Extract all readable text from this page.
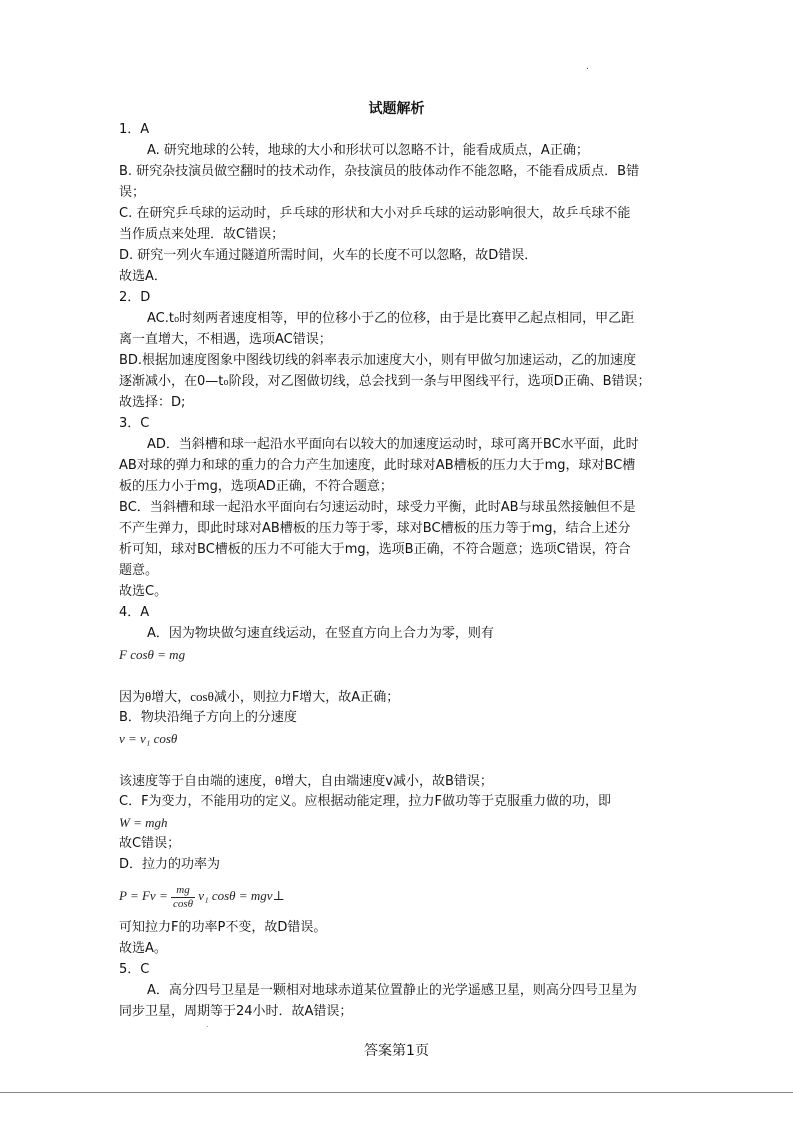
.
试题解析
1．A
A. 研究地球的公转，地球的大小和形状可以忽略不计，能看成质点，A正确；
B. 研究杂技演员做空翻时的技术动作，杂技演员的肢体动作不能忽略，不能看成质点．B错
误；
C. 在研究乒乓球的运动时，乒乓球的形状和大小对乒乓球的运动影响很大，故乒乓球不能
当作质点来处理．故C错误；
D. 研究一列火车通过隧道所需时间，火车的长度不可以忽略，故D错误．
故选A．
2．D
AC.t₀时刻两者速度相等，甲的位移小于乙的位移，由于是比赛甲乙起点相同，甲乙距
离一直增大，不相遇，选项AC错误；
BD.根据加速度图象中图线切线的斜率表示加速度大小，则有甲做匀加速运动，乙的加速度
逐渐减小，在0—t₀阶段，对乙图做切线，总会找到一条与甲图线平行，选项D正确、B错误；
故选择：D;
3．C
AD．当斜槽和球一起沿水平面向右以较大的加速度运动时，球可离开BC水平面，此时
AB对球的弹力和球的重力的合力产生加速度，此时球对AB槽板的压力大于mg，球对BC槽
板的压力小于mg，选项AD正确，不符合题意；
BC．当斜槽和球一起沿水平面向右匀速运动时，球受力平衡，此时AB与球虽然接触但不是
不产生弹力，即此时球对AB槽板的压力等于零，球对BC槽板的压力等于mg，结合上述分
析可知，球对BC槽板的压力不可能大于mg，选项B正确，不符合题意；选项C错误，符合
题意。
故选C。
4．A
A．因为物块做匀速直线运动，在竖直方向上合力为零，则有
F cosθ = mg
因为θ增大，cosθ减小，则拉力F增大，故A正确；
B．物块沿绳子方向上的分速度
v = v₁ cosθ
该速度等于自由端的速度，θ增大，自由端速度v减小，故B错误；
C．F为变力，不能用功的定义。应根据动能定理，拉力F做功等于克服重力做的功，即
W = mgh
故C错误；
D．拉力的功率为
$P = Fv = \frac{mg}{\cos\theta} v_1$ cosθ = mgv⊥
可知拉力F的功率P不变，故D错误。
故选A。
5．C
A．高分四号卫星是一颗相对地球赤道某位置静止的光学遥感卫星，则高分四号卫星为
同步卫星，周期等于24小时．故A错误；
.
答案第1页
